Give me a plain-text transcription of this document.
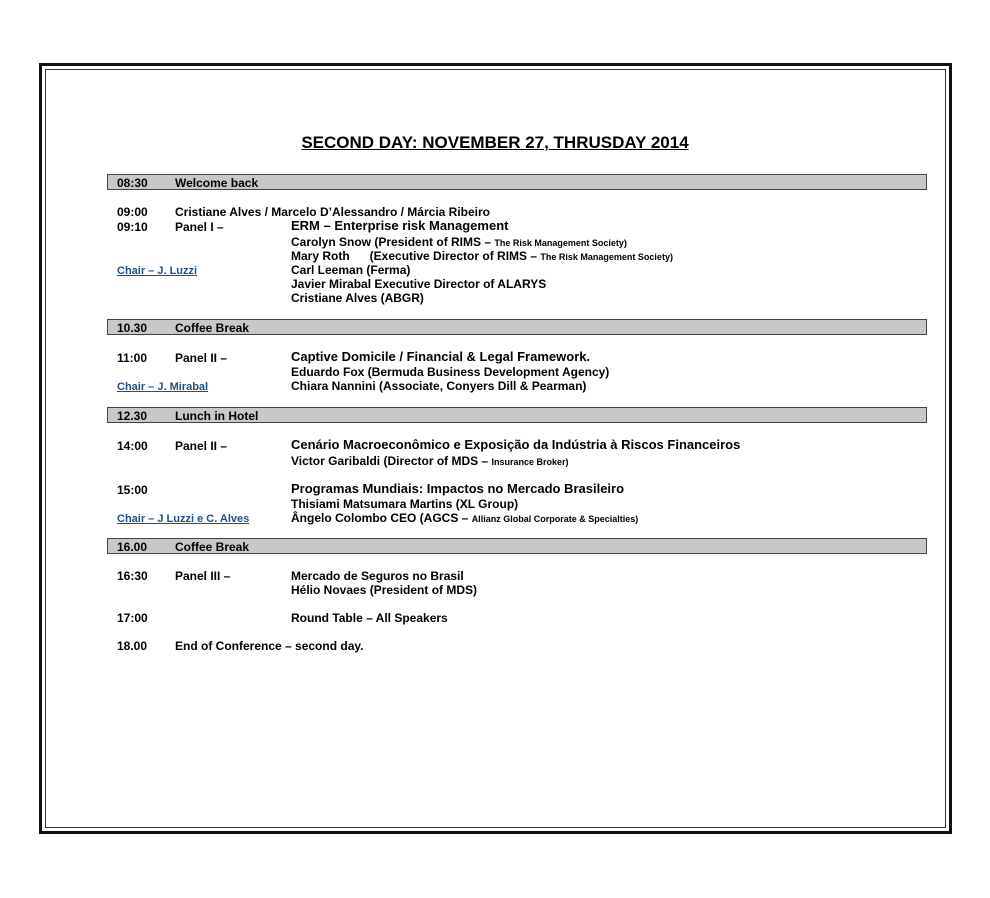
SECOND DAY: NOVEMBER 27, THRUSDAY 2014
08:30 Welcome back
09:00 Cristiane Alves / Marcelo D’Alessandro / Márcia Ribeiro
09:10 Panel I –	ERM – Enterprise risk Management
Carolyn Snow (President of RIMS – The Risk Management Society)
Mary Roth      (Executive Director of RIMS – The Risk Management Society)
Chair – J. Luzzi	Carl Leeman (Ferma)
Javier Mirabal Executive Director of ALARYS
Cristiane Alves (ABGR)
10.30 Coffee Break
11:00 Panel II –	Captive Domicile / Financial & Legal Framework.
Eduardo Fox (Bermuda Business Development Agency)
Chair – J. Mirabal	Chiara Nannini (Associate, Conyers Dill & Pearman)
12.30 Lunch in Hotel
14:00 Panel II –	Cenário Macroeconômico e Exposição da Indústria à Riscos Financeiros
Victor Garibaldi (Director of MDS – Insurance Broker)
15:00	Programas Mundiais: Impactos no Mercado Brasileiro
Thisiami Matsumara Martins (XL Group)
Chair – J Luzzi e C. Alves	Ângelo Colombo CEO (AGCS – Allianz Global Corporate & Specialties)
16.00 Coffee Break
16:30 Panel III –	Mercado de Seguros no Brasil
Hélio Novaes (President of MDS)
17:00	Round Table – All Speakers
18.00 End of Conference – second day.
